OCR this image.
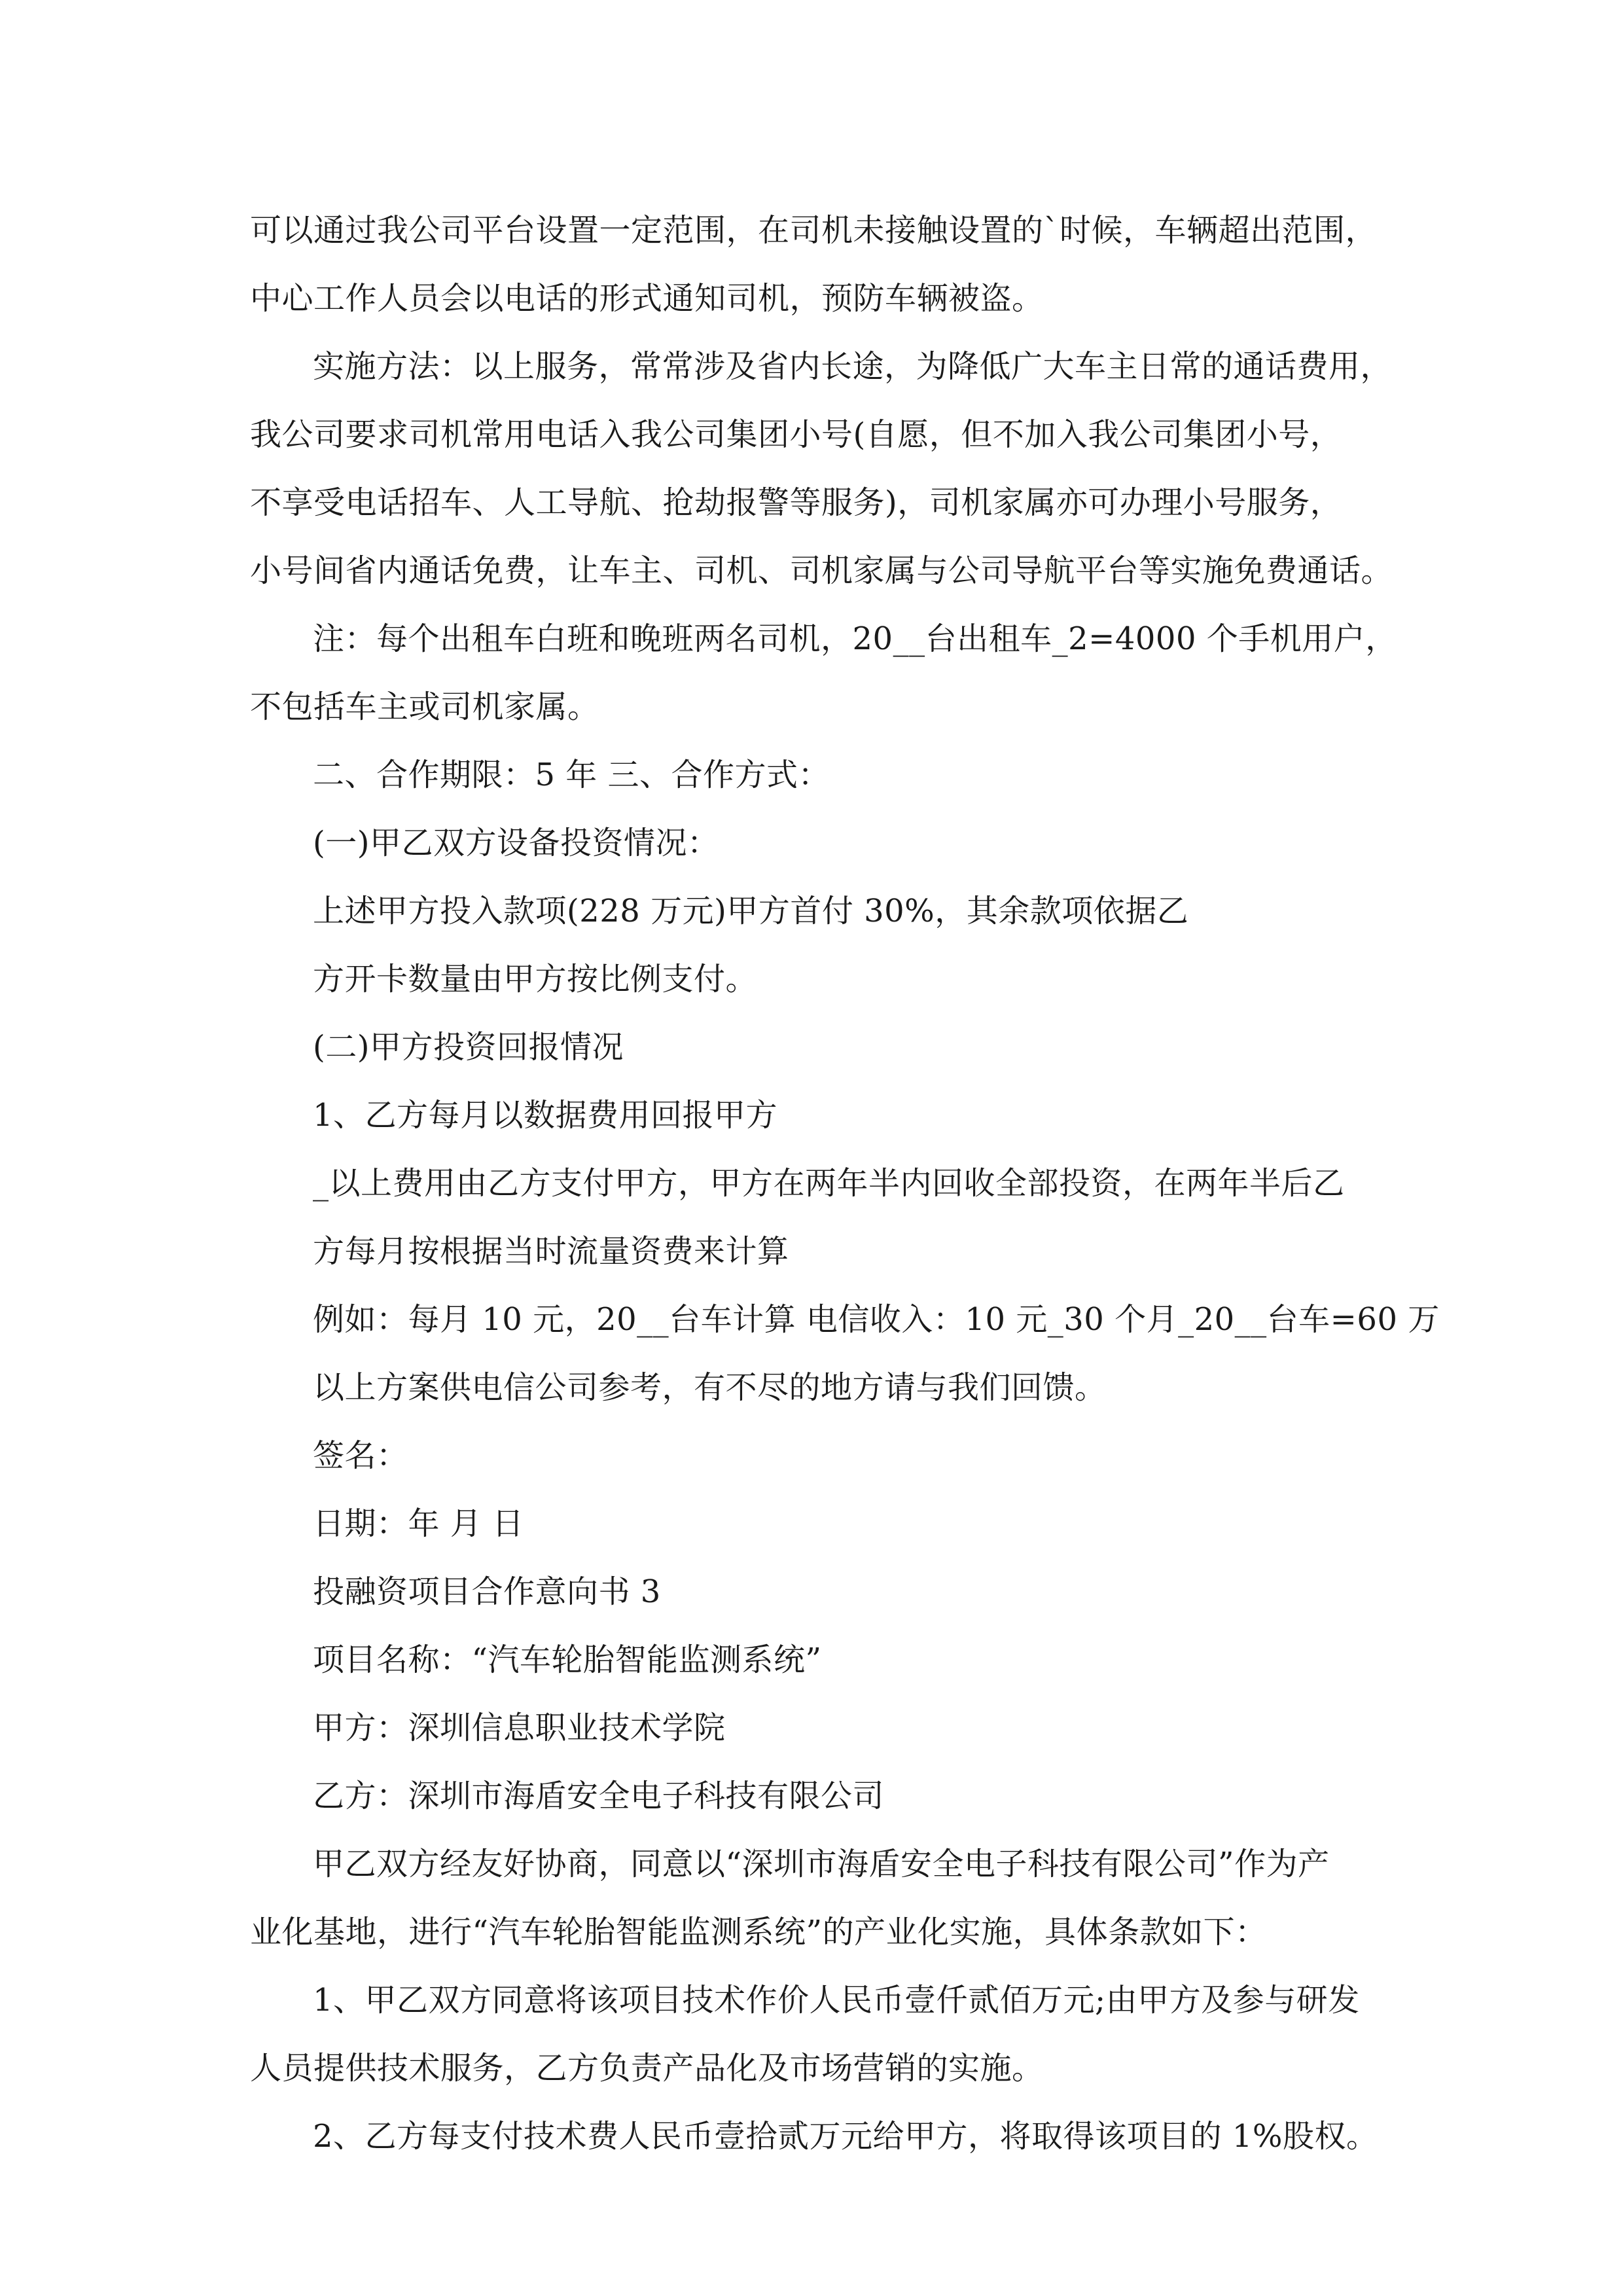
可以通过我公司平台设置一定范围，在司机未接触设置的`时候，车辆超出范围，
中心工作人员会以电话的形式通知司机，预防车辆被盗。
实施方法：以上服务，常常涉及省内长途，为降低广大车主日常的通话费用，
我公司要求司机常用电话入我公司集团小号(自愿，但不加入我公司集团小号，
不享受电话招车、人工导航、抢劫报警等服务)，司机家属亦可办理小号服务，
小号间省内通话免费，让车主、司机、司机家属与公司导航平台等实施免费通话。
注：每个出租车白班和晚班两名司机，20__台出租车_2=4000 个手机用户，
不包括车主或司机家属。
二、合作期限：5 年 三、合作方式：
(一)甲乙双方设备投资情况：
上述甲方投入款项(228 万元)甲方首付 30%，其余款项依据乙
方开卡数量由甲方按比例支付。
(二)甲方投资回报情况
1、乙方每月以数据费用回报甲方
_以上费用由乙方支付甲方，甲方在两年半内回收全部投资，在两年半后乙
方每月按根据当时流量资费来计算
例如：每月 10 元，20__台车计算 电信收入：10 元_30 个月_20__台车=60 万
以上方案供电信公司参考，有不尽的地方请与我们回馈。
签名：
日期：年 月 日
投融资项目合作意向书 3
项目名称：“汽车轮胎智能监测系统”
甲方：深圳信息职业技术学院
乙方：深圳市海盾安全电子科技有限公司
甲乙双方经友好协商，同意以“深圳市海盾安全电子科技有限公司”作为产
业化基地，进行“汽车轮胎智能监测系统”的产业化实施，具体条款如下：
1、甲乙双方同意将该项目技术作价人民币壹仟贰佰万元;由甲方及参与研发
人员提供技术服务，乙方负责产品化及市场营销的实施。
2、乙方每支付技术费人民币壹拾贰万元给甲方，将取得该项目的 1%股权。
